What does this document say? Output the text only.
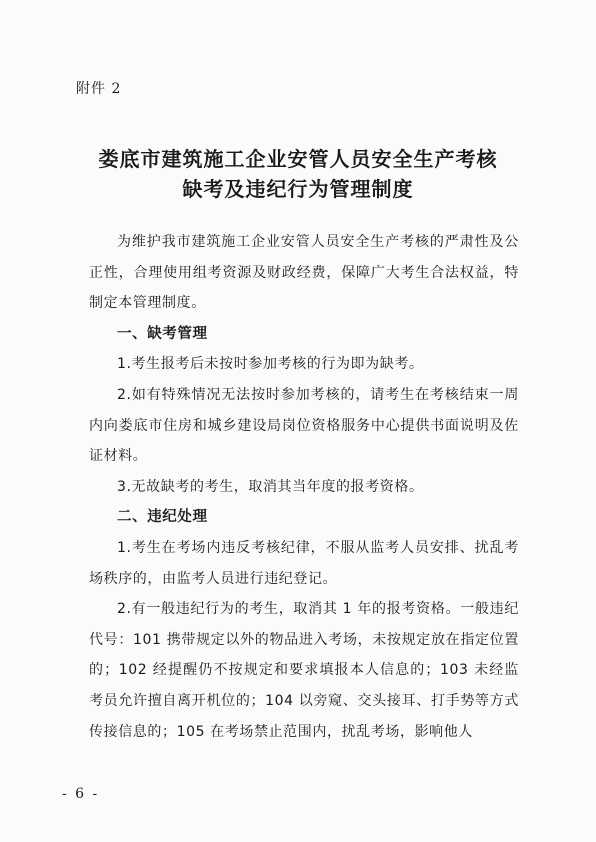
附件 2
娄底市建筑施工企业安管人员安全生产考核
缺考及违纪行为管理制度

为维护我市建筑施工企业安管人员安全生产考核的严肃性及公正性，合理使用组考资源及财政经费，保障广大考生合法权益，特制定本管理制度。

一、缺考管理

1.考生报考后未按时参加考核的行为即为缺考。

2.如有特殊情况无法按时参加考核的，请考生在考核结束一周内向娄底市住房和城乡建设局岗位资格服务中心提供书面说明及佐证材料。

3.无故缺考的考生，取消其当年度的报考资格。

二、违纪处理

1.考生在考场内违反考核纪律，不服从监考人员安排、扰乱考场秩序的，由监考人员进行违纪登记。

2.有一般违纪行为的考生，取消其 1 年的报考资格。一般违纪代号：101 携带规定以外的物品进入考场，未按规定放在指定位置的；102 经提醒仍不按规定和要求填报本人信息的；103 未经监考员允许擅自离开机位的；104 以旁窥、交头接耳、打手势等方式传接信息的；105 在考场禁止范围内，扰乱考场，影响他人

- 6 -
